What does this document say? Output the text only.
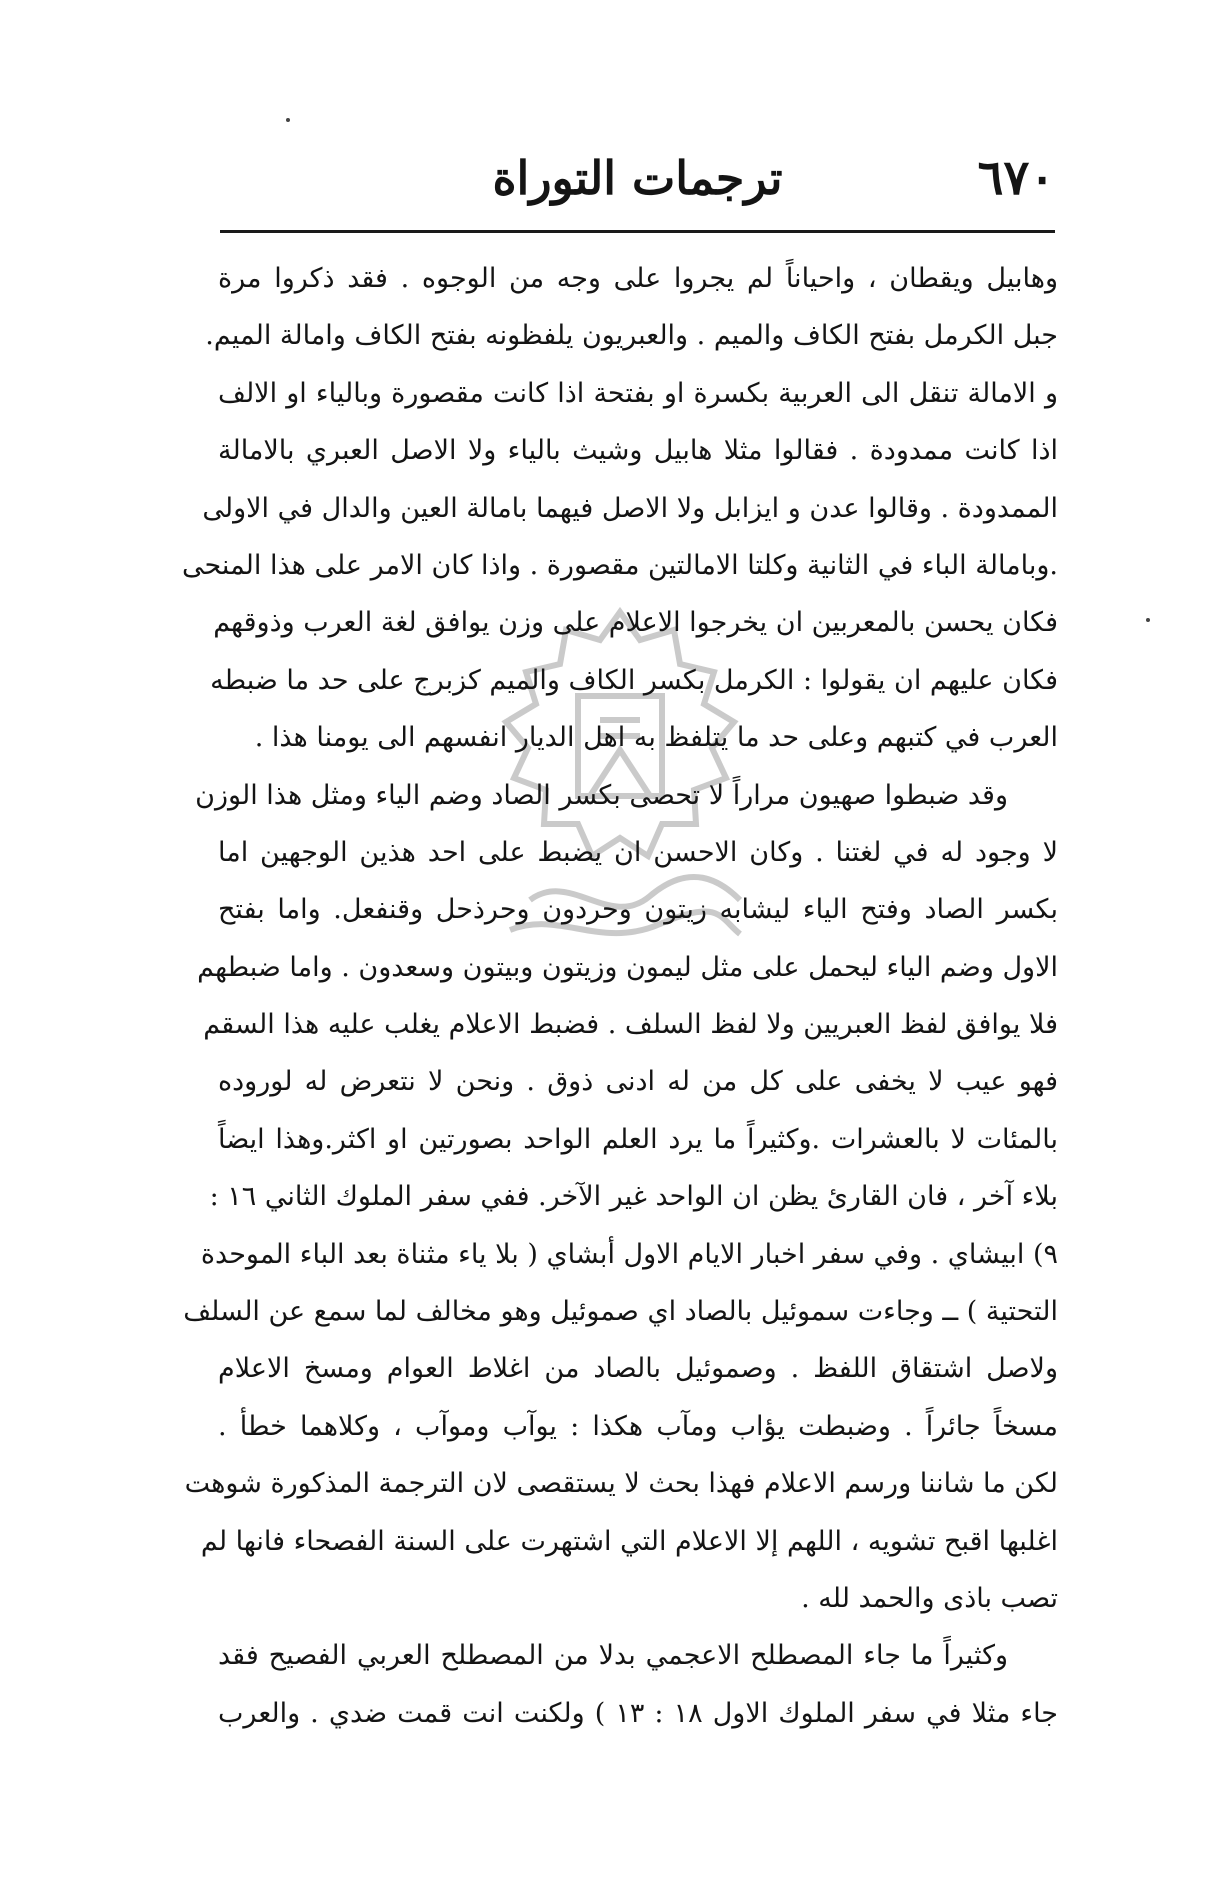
٦٧٠
ترجمات التوراة
وهابيل ويقطان ، واحياناً لم يجروا على وجه من الوجوه . فقد ذكروا مرة
جبل الكرمل بفتح الكاف والميم . والعبريون يلفظونه بفتح الكاف وامالة الميم.
و الامالة تنقل الى العربية بكسرة او بفتحة اذا كانت مقصورة وبالياء او الالف
اذا كانت ممدودة . فقالوا مثلا هابيل وشيث بالياء ولا الاصل العبري بالامالة
الممدودة . وقالوا عدن و ايزابل ولا الاصل فيهما بامالة العين والدال في الاولى
.وبامالة الباء في الثانية وكلتا الامالتين مقصورة . واذا كان الامر على هذا المنحى
فكان يحسن بالمعربين ان يخرجوا الاعلام على وزن يوافق لغة العرب وذوقهم
فكان عليهم ان يقولوا : الكرمل بكسر الكاف والميم كزبرج على حد ما ضبطه
العرب في كتبهم وعلى حد ما يتلفظ به اهل الديار انفسهم الى يومنا هذا .
وقد ضبطوا صهيون مراراً لا تحصى بكسر الصاد وضم الياء ومثل هذا الوزن
لا وجود له في لغتنا . وكان الاحسن ان يضبط على احد هذين الوجهين اما
بكسر الصاد وفتح الياء ليشابه زيتون وحردون وحرذحل وقنفعل. واما بفتح
الاول وضم الياء ليحمل على مثل ليمون وزيتون وبيتون وسعدون . واما ضبطهم
فلا يوافق لفظ العبريين ولا لفظ السلف . فضبط الاعلام يغلب عليه هذا السقم
فهو عيب لا يخفى على كل من له ادنى ذوق . ونحن لا نتعرض له لوروده
بالمئات لا بالعشرات .وكثيراً ما يرد العلم الواحد بصورتين او اكثر.وهذا ايضاً
بلاء آخر ، فان القارئ يظن ان الواحد غير الآخر. ففي سفر الملوك الثاني ١٦ :
٩) ابيشاي . وفي سفر اخبار الايام الاول أبشاي ( بلا ياء مثناة بعد الباء الموحدة
التحتية ) ــ وجاءت سموئيل بالصاد اي صموئيل وهو مخالف لما سمع عن السلف
ولاصل اشتقاق اللفظ . وصموئيل بالصاد من اغلاط العوام ومسخ الاعلام
مسخاً جائراً . وضبطت يؤاب ومآب هكذا : يوآب وموآب ، وكلاهما خطأ .
لكن ما شاننا ورسم الاعلام فهذا بحث لا يستقصى لان الترجمة المذكورة شوهت
اغلبها اقبح تشويه ، اللهم إلا الاعلام التي اشتهرت على السنة الفصحاء فانها لم
تصب باذى والحمد لله .
وكثيراً ما جاء المصطلح الاعجمي بدلا من المصطلح العربي الفصيح فقد
جاء مثلا في سفر الملوك الاول ١٨ : ١٣ ) ولكنت انت قمت ضدي . والعرب
